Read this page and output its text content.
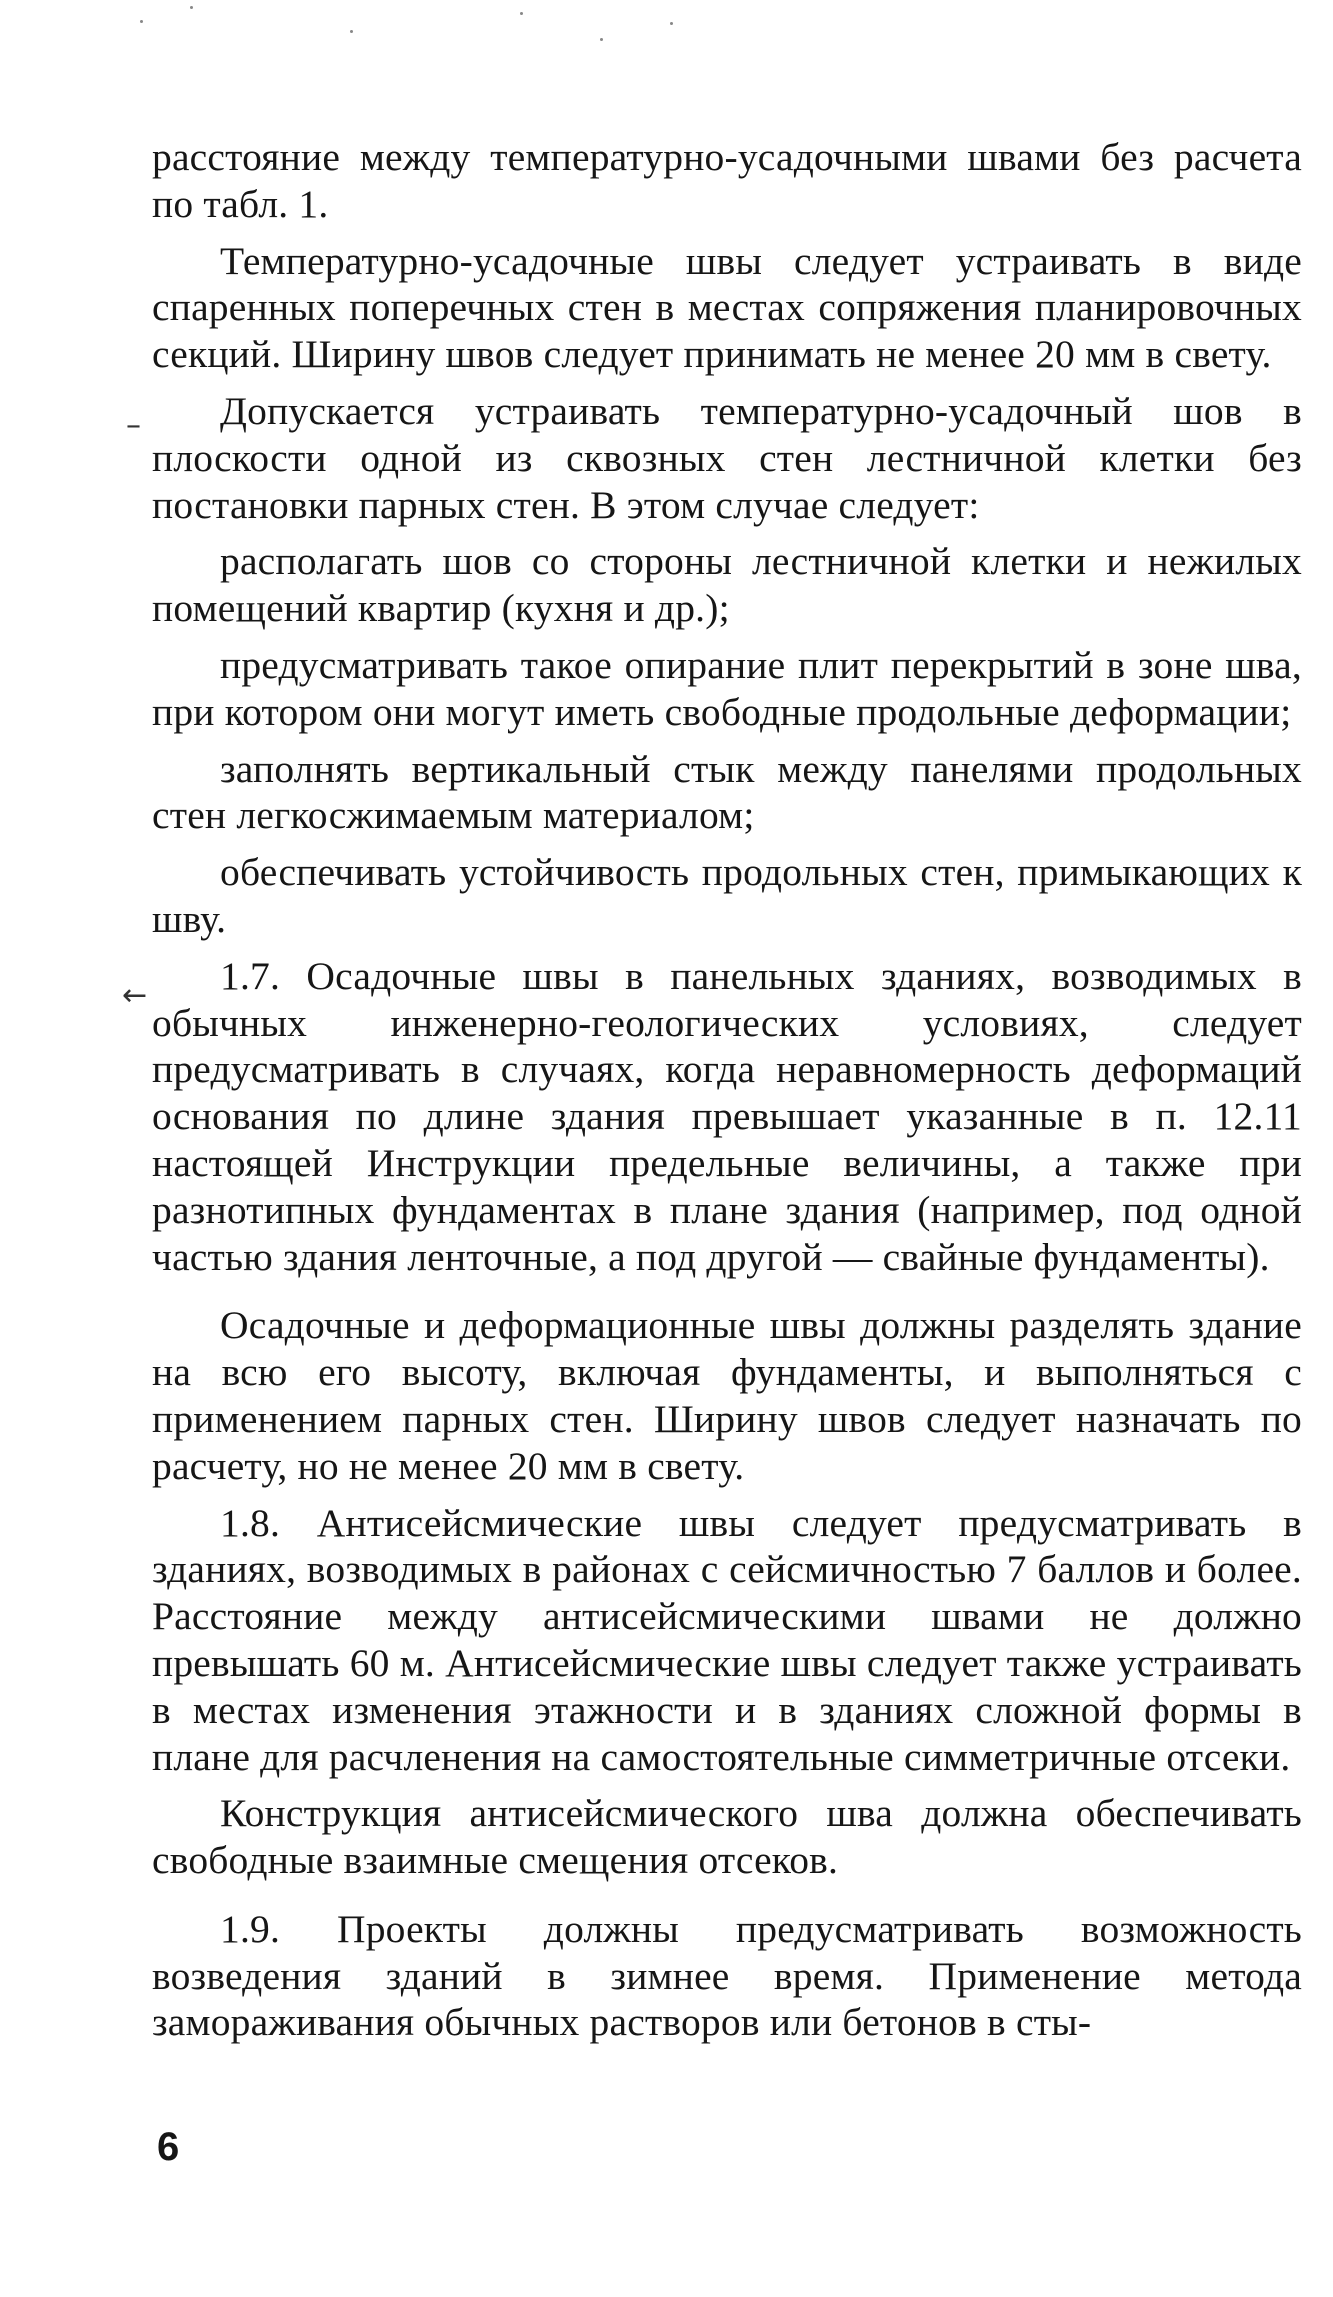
–
←

расстояние между температурно-усадочными швами без расчета по табл. 1.

Температурно-усадочные швы следует устраивать в виде спаренных поперечных стен в местах сопряжения планировочных секций. Ширину швов следует принимать не менее 20 мм в свету.

Допускается устраивать температурно-усадочный шов в плоскости одной из сквозных стен лестничной клетки без постановки парных стен. В этом случае следует:

располагать шов со стороны лестничной клетки и нежилых помещений квартир (кухня и др.);

предусматривать такое опирание плит перекрытий в зоне шва, при котором они могут иметь свободные продольные деформации;

заполнять вертикальный стык между панелями продольных стен легкосжимаемым материалом;

обеспечивать устойчивость продольных стен, примыкающих к шву.

1.7. Осадочные швы в панельных зданиях, возводимых в обычных инженерно-геологических условиях, следует предусматривать в случаях, когда неравномерность деформаций основания по длине здания превышает указанные в п. 12.11 настоящей Инструкции предельные величины, а также при разнотипных фундаментах в плане здания (например, под одной частью здания ленточные, а под другой — свайные фундаменты).

Осадочные и деформационные швы должны разделять здание на всю его высоту, включая фундаменты, и выполняться с применением парных стен. Ширину швов следует назначать по расчету, но не менее 20 мм в свету.

1.8. Антисейсмические швы следует предусматривать в зданиях, возводимых в районах с сейсмичностью 7 баллов и более. Расстояние между антисейсмическими швами не должно превышать 60 м. Антисейсмические швы следует также устраивать в местах изменения этажности и в зданиях сложной формы в плане для расчленения на самостоятельные симметричные отсеки.

Конструкция антисейсмического шва должна обеспечивать свободные взаимные смещения отсеков.

1.9. Проекты должны предусматривать возможность возведения зданий в зимнее время. Применение метода замораживания обычных растворов или бетонов в сты-

6
